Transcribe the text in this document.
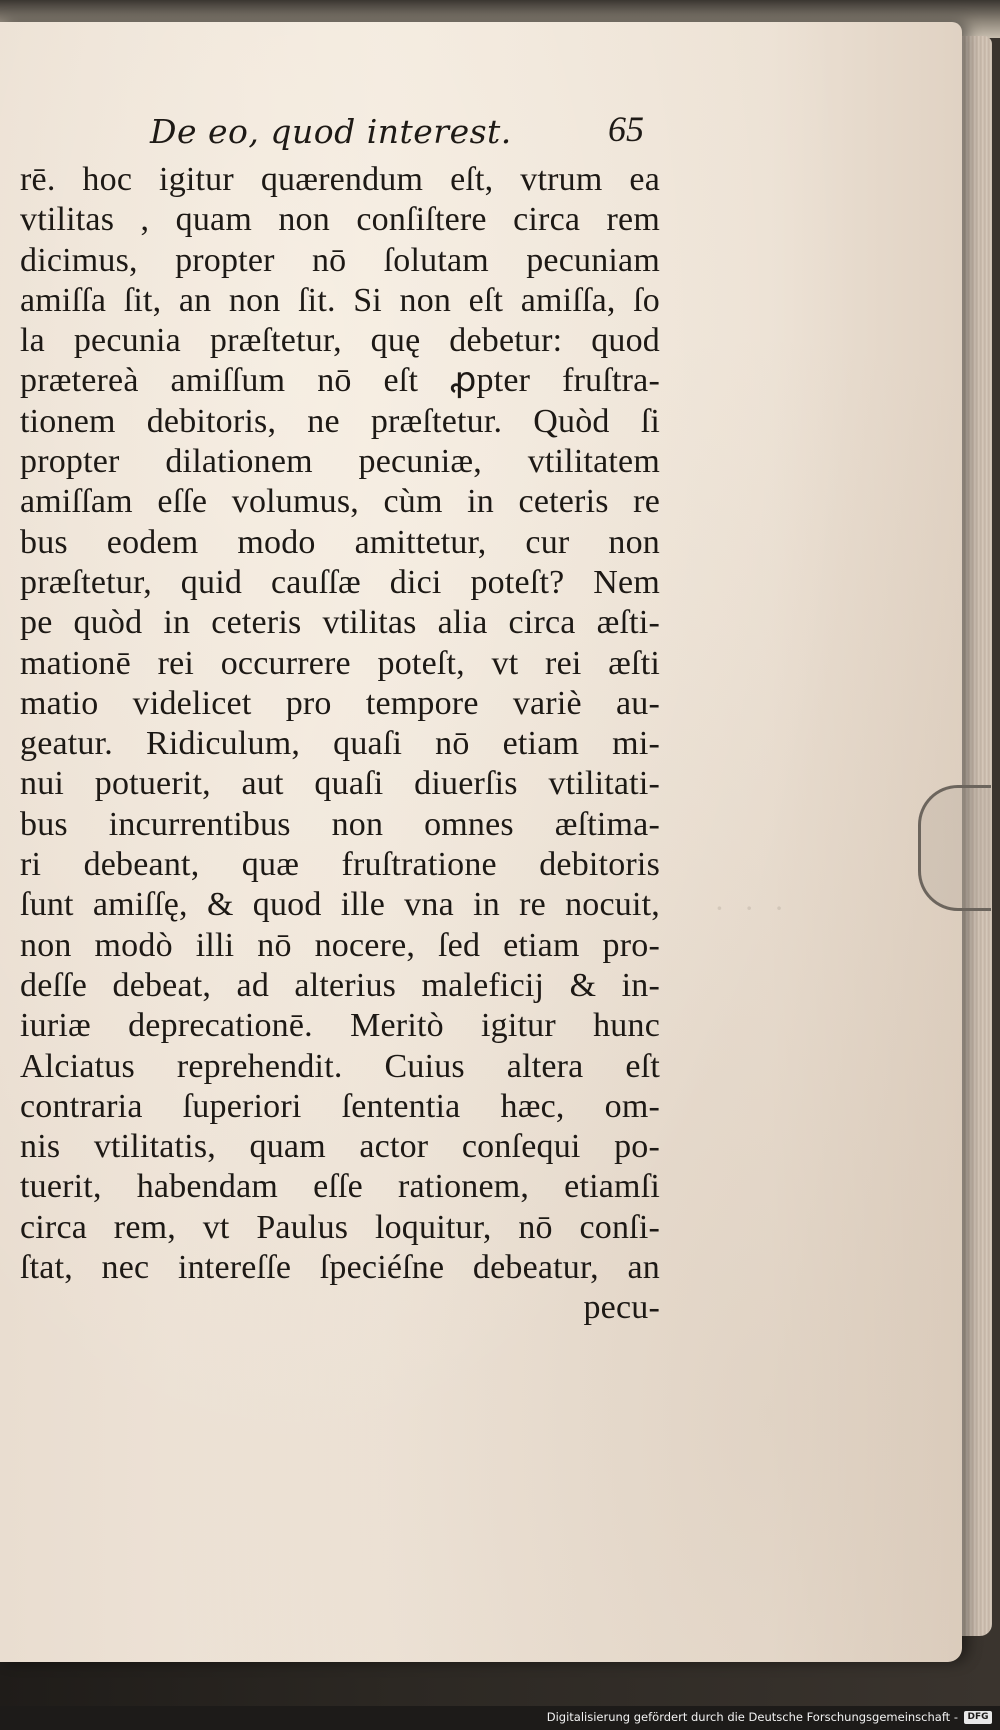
· · ·
De eo, quod interest.	65
rē. hoc igitur quærendum eſt, vtrum ea
vtilitas , quam non conſiſtere circa rem
dicimus, propter nō ſolutam pecuniam
amiſſa ſit, an non ſit. Si non eſt amiſſa, ſo
la pecunia præſtetur, quę debetur: quod
prætereà amiſſum nō eſt ꝓpter fruſtra-
tionem debitoris, ne præſtetur. Quòd ſi
propter dilationem pecuniæ, vtilitatem
amiſſam eſſe volumus, cùm in ceteris re
bus eodem modo amittetur, cur non
præſtetur, quid cauſſæ dici poteſt? Nem
pe quòd in ceteris vtilitas alia circa æſti-
mationē rei occurrere poteſt, vt rei æſti
matio videlicet pro tempore variè au-
geatur. Ridiculum, quaſi nō etiam mi-
nui potuerit, aut quaſi diuerſis vtilitati-
bus incurrentibus non omnes æſtima-
ri debeant, quæ fruſtratione debitoris
ſunt amiſſę, & quod ille vna in re nocuit,
non modò illi nō nocere, ſed etiam pro-
deſſe debeat, ad alterius maleficij & in-
iuriæ deprecationē. Meritò igitur hunc
Alciatus reprehendit. Cuius altera eſt
contraria ſuperiori ſententia hæc, om-
nis vtilitatis, quam actor conſequi po-
tuerit, habendam eſſe rationem, etiamſi
circa rem, vt Paulus loquitur, nō conſi-
ſtat, nec intereſſe ſpeciéſne debeatur, an
pecu-
Digitalisierung gefördert durch die Deutsche Forschungsgemeinschaft -	DFG
